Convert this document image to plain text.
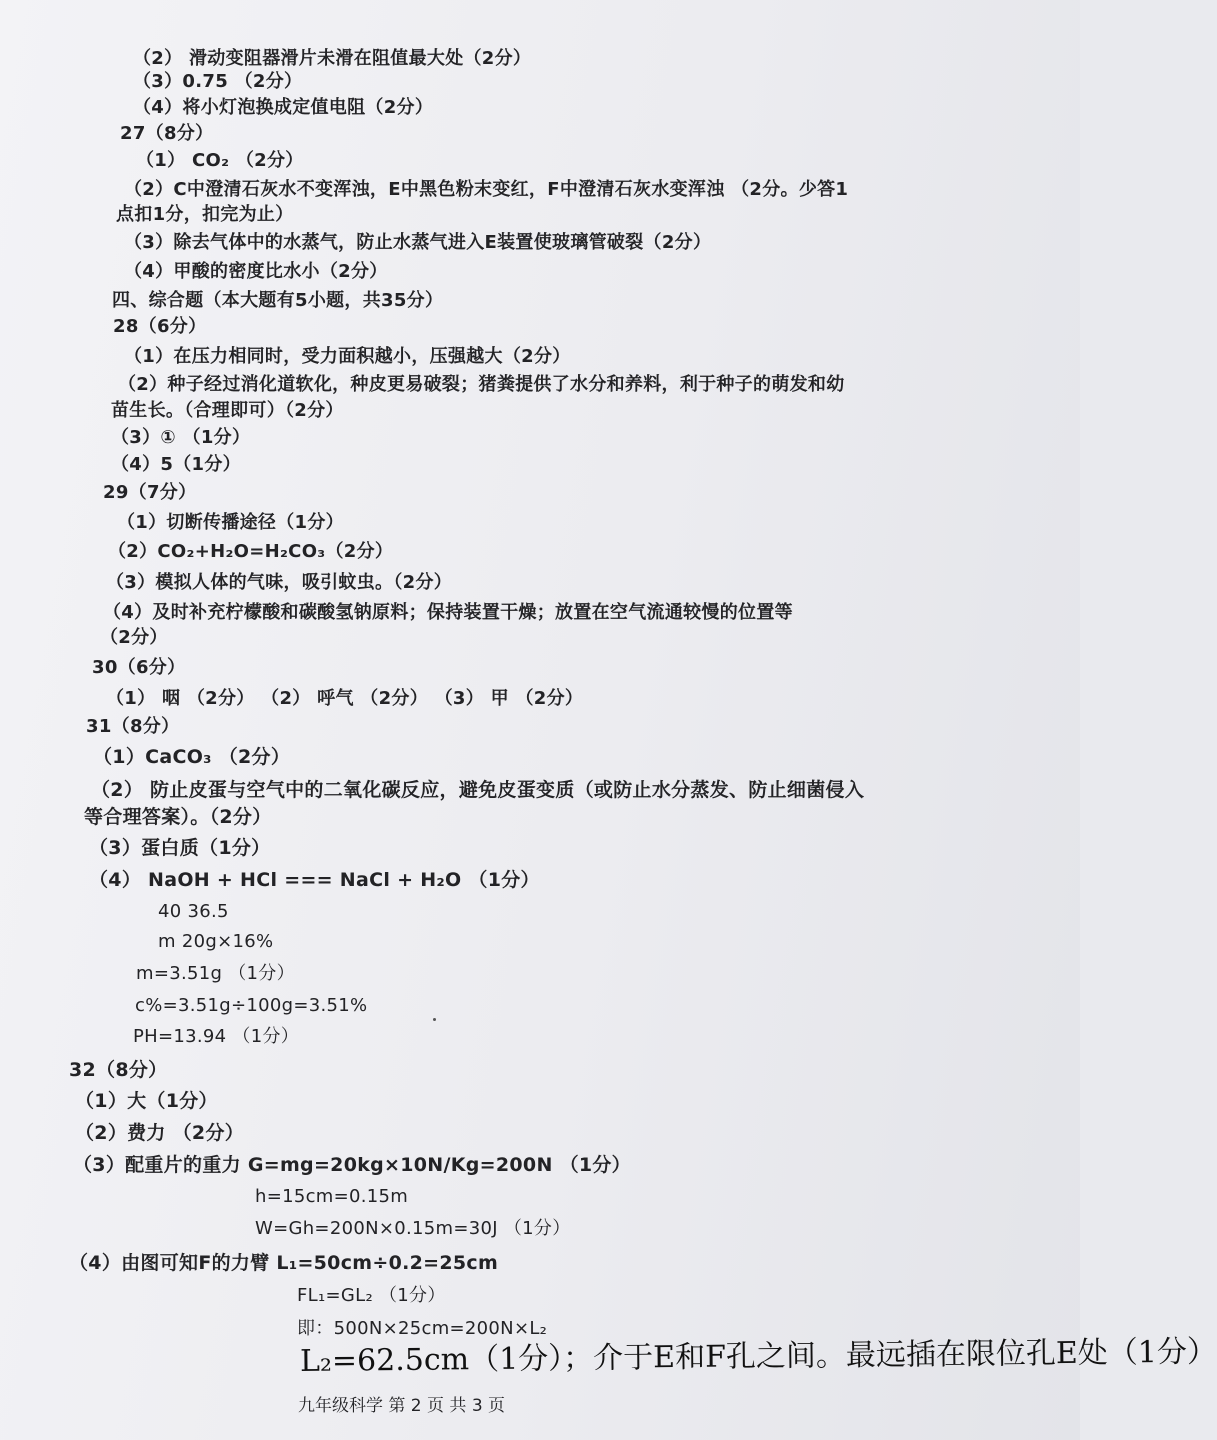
（2） 滑动变阻器滑片未滑在阻值最大处（2分）
（3）0.75 （2分）
（4）将小灯泡换成定值电阻（2分）
27（8分）
（1） CO₂ （2分）
（2）C中澄清石灰水不变浑浊，E中黑色粉末变红，F中澄清石灰水变浑浊 （2分。少答1
点扣1分，扣完为止）
（3）除去气体中的水蒸气，防止水蒸气进入E装置使玻璃管破裂（2分）
（4）甲酸的密度比水小（2分）
四、综合题（本大题有5小题，共35分）
28（6分）
（1）在压力相同时，受力面积越小，压强越大（2分）
（2）种子经过消化道软化，种皮更易破裂；猪粪提供了水分和养料，利于种子的萌发和幼
苗生长。（合理即可）（2分）
（3）① （1分）
（4）5（1分）
29（7分）
（1）切断传播途径（1分）
（2）CO₂+H₂O=H₂CO₃（2分）
（3）模拟人体的气味，吸引蚊虫。（2分）
（4）及时补充柠檬酸和碳酸氢钠原料；保持装置干燥；放置在空气流通较慢的位置等
（2分）
30（6分）
（1） 咽 （2分） （2） 呼气 （2分） （3） 甲 （2分）
31（8分）
（1）CaCO₃ （2分）
（2） 防止皮蛋与空气中的二氧化碳反应，避免皮蛋变质（或防止水分蒸发、防止细菌侵入
等合理答案）。（2分）
（3）蛋白质（1分）
（4） NaOH + HCl === NaCl + H₂O （1分）
40 36.5
m 20g×16%
m=3.51g （1分）
c%=3.51g÷100g=3.51%
PH=13.94 （1分）
32（8分）
（1）大（1分）
（2）费力 （2分）
（3）配重片的重力 G=mg=20kg×10N/Kg=200N （1分）
h=15cm=0.15m
W=Gh=200N×0.15m=30J （1分）
（4）由图可知F的力臂 L₁=50cm÷0.2=25cm
FL₁=GL₂ （1分）
即：500N×25cm=200N×L₂
L₂=62.5cm（1分）；介于E和F孔之间。最远插在限位孔E处（1分）
九年级科学 第 2 页 共 3 页
